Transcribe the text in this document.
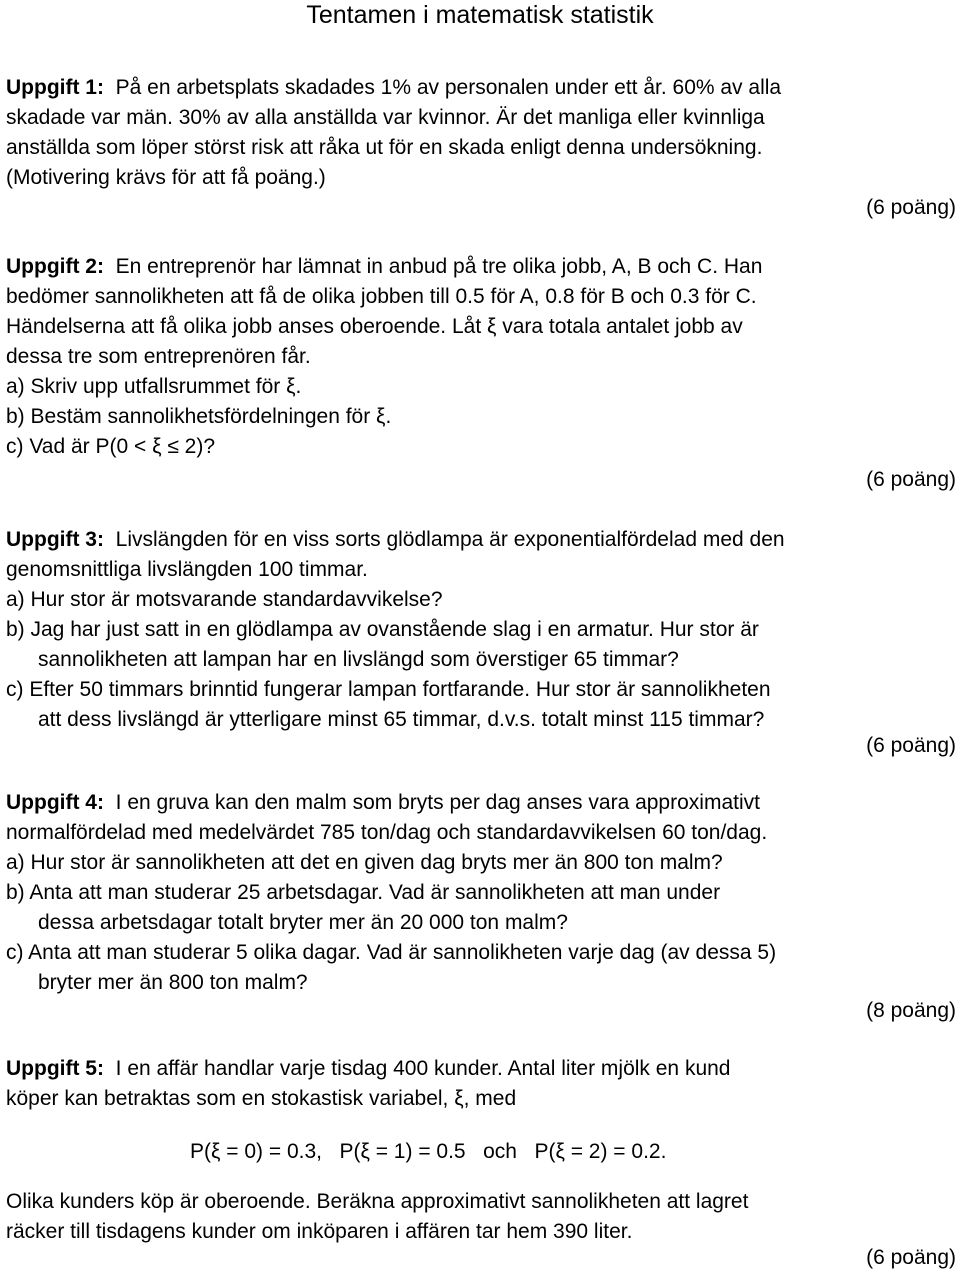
Tentamen i matematisk statistik
Uppgift 1: På en arbetsplats skadades 1% av personalen under ett år. 60% av alla
skadade var män. 30% av alla anställda var kvinnor. Är det manliga eller kvinnliga
anställda som löper störst risk att råka ut för en skada enligt denna undersökning.
(Motivering krävs för att få poäng.)
(6 poäng)
Uppgift 2: En entreprenör har lämnat in anbud på tre olika jobb, A, B och C. Han
bedömer sannolikheten att få de olika jobben till 0.5 för A, 0.8 för B och 0.3 för C.
Händelserna att få olika jobb anses oberoende. Låt ξ vara totala antalet jobb av
dessa tre som entreprenören får.
a) Skriv upp utfallsrummet för ξ.
b) Bestäm sannolikhetsfördelningen för ξ.
c) Vad är P(0 < ξ ≤ 2)?
(6 poäng)
Uppgift 3: Livslängden för en viss sorts glödlampa är exponentialfördelad med den
genomsnittliga livslängden 100 timmar.
a) Hur stor är motsvarande standardavvikelse?
b) Jag har just satt in en glödlampa av ovanstående slag i en armatur. Hur stor är
sannolikheten att lampan har en livslängd som överstiger 65 timmar?
c) Efter 50 timmars brinntid fungerar lampan fortfarande. Hur stor är sannolikheten
att dess livslängd är ytterligare minst 65 timmar, d.v.s. totalt minst 115 timmar?
(6 poäng)
Uppgift 4: I en gruva kan den malm som bryts per dag anses vara approximativt
normalfördelad med medelvärdet 785 ton/dag och standardavvikelsen 60 ton/dag.
a) Hur stor är sannolikheten att det en given dag bryts mer än 800 ton malm?
b) Anta att man studerar 25 arbetsdagar. Vad är sannolikheten att man under
dessa arbetsdagar totalt bryter mer än 20 000 ton malm?
c) Anta att man studerar 5 olika dagar. Vad är sannolikheten varje dag (av dessa 5)
bryter mer än 800 ton malm?
(8 poäng)
Uppgift 5: I en affär handlar varje tisdag 400 kunder. Antal liter mjölk en kund
köper kan betraktas som en stokastisk variabel, ξ, med
P(ξ = 0) = 0.3,   P(ξ = 1) = 0.5   och   P(ξ = 2) = 0.2.
Olika kunders köp är oberoende. Beräkna approximativt sannolikheten att lagret
räcker till tisdagens kunder om inköparen i affären tar hem 390 liter.
(6 poäng)
